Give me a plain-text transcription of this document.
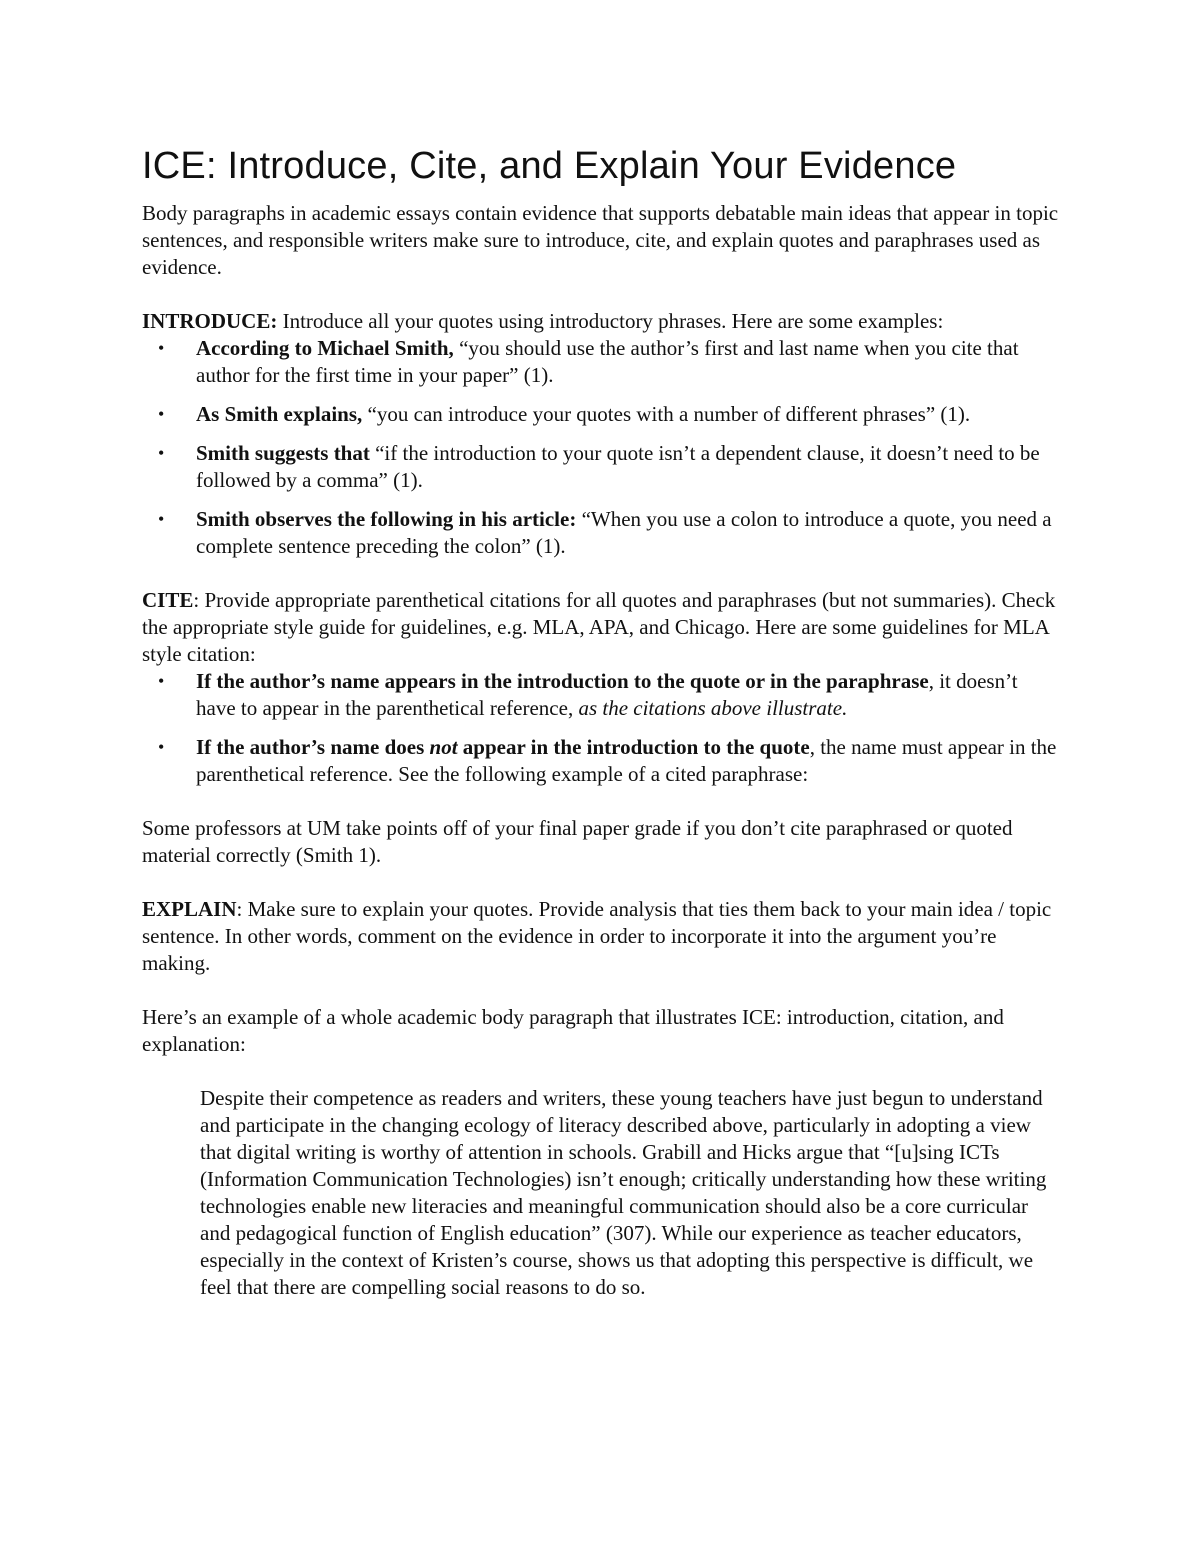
ICE: Introduce, Cite, and Explain Your Evidence

Body paragraphs in academic essays contain evidence that supports debatable main ideas that appear in topic sentences, and responsible writers make sure to introduce, cite, and explain quotes and paraphrases used as evidence.

INTRODUCE: Introduce all your quotes using introductory phrases. Here are some examples:

• According to Michael Smith, “you should use the author’s first and last name when you cite that author for the first time in your paper” (1).
• As Smith explains, “you can introduce your quotes with a number of different phrases” (1).
• Smith suggests that “if the introduction to your quote isn’t a dependent clause, it doesn’t need to be followed by a comma” (1).
• Smith observes the following in his article: “When you use a colon to introduce a quote, you need a complete sentence preceding the colon” (1).

CITE: Provide appropriate parenthetical citations for all quotes and paraphrases (but not summaries). Check the appropriate style guide for guidelines, e.g. MLA, APA, and Chicago. Here are some guidelines for MLA style citation:

• If the author’s name appears in the introduction to the quote or in the paraphrase, it doesn’t have to appear in the parenthetical reference, as the citations above illustrate.
• If the author’s name does not appear in the introduction to the quote, the name must appear in the parenthetical reference. See the following example of a cited paraphrase:

Some professors at UM take points off of your final paper grade if you don’t cite paraphrased or quoted material correctly (Smith 1).

EXPLAIN: Make sure to explain your quotes. Provide analysis that ties them back to your main idea / topic sentence. In other words, comment on the evidence in order to incorporate it into the argument you’re making.

Here’s an example of a whole academic body paragraph that illustrates ICE: introduction, citation, and explanation:

Despite their competence as readers and writers, these young teachers have just begun to understand and participate in the changing ecology of literacy described above, particularly in adopting a view that digital writing is worthy of attention in schools. Grabill and Hicks argue that “[u]sing ICTs (Information Communication Technologies) isn’t enough; critically understanding how these writing technologies enable new literacies and meaningful communication should also be a core curricular and pedagogical function of English education” (307). While our experience as teacher educators, especially in the context of Kristen’s course, shows us that adopting this perspective is difficult, we feel that there are compelling social reasons to do so.
